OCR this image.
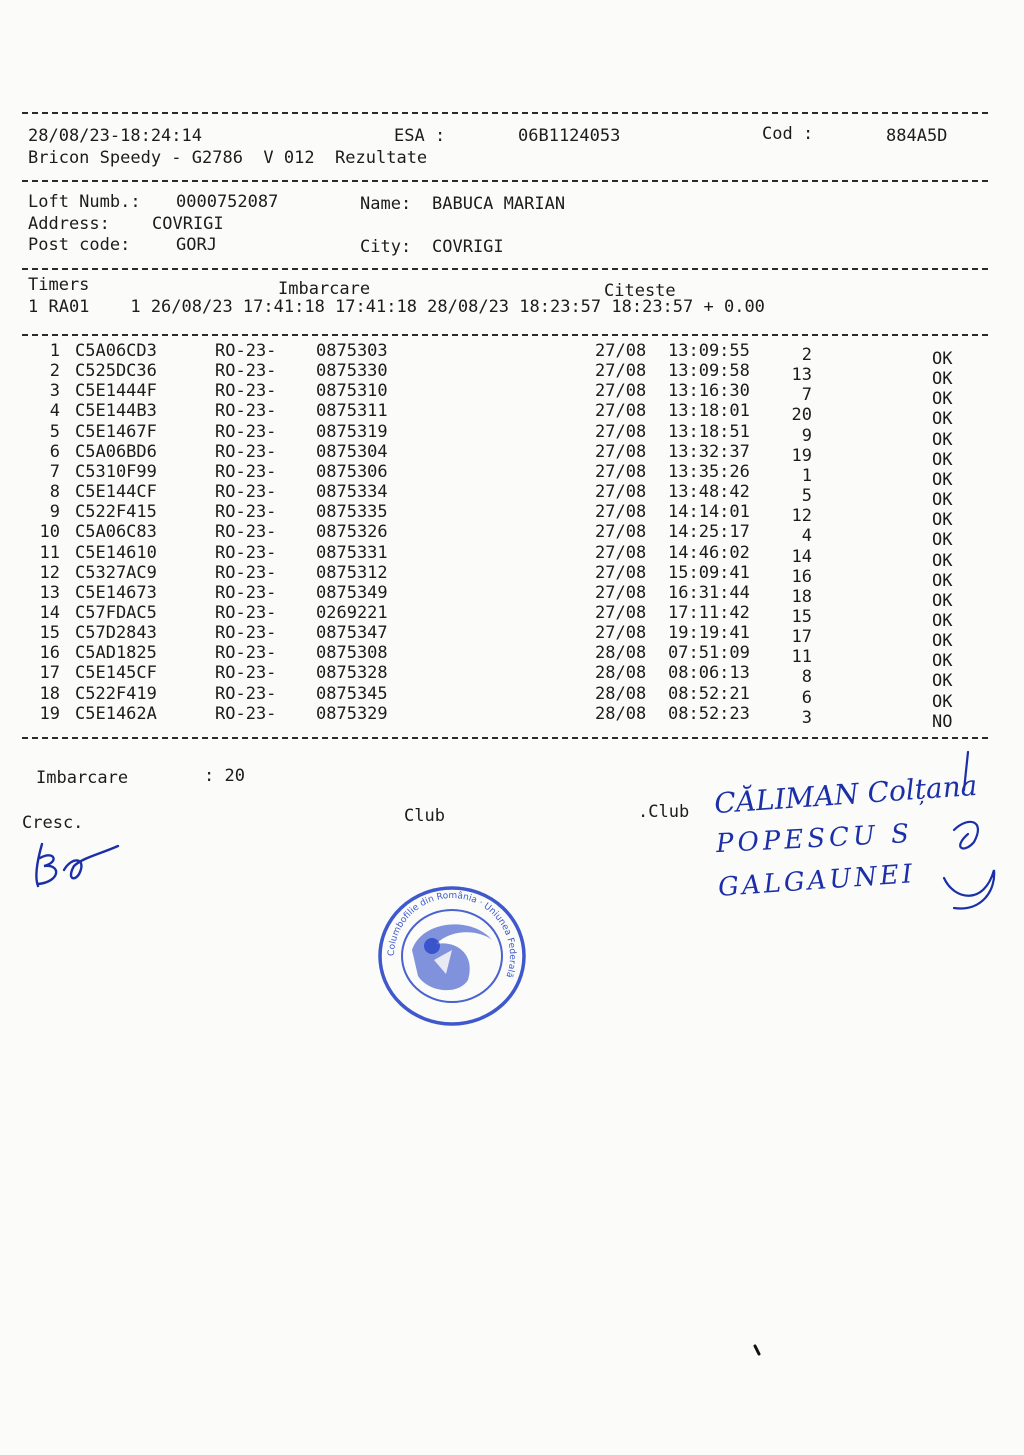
28/08/23-18:24:14	ESA :	06B1124053	Cod :	884A5D
Bricon Speedy - G2786  V 012  Rezultate
Loft Numb.: 0000752087	Name: BABUCA MARIAN
Address: COVRIGI
Post code:	GORJ	City: COVRIGI
Timers	Imbarcare	Citeste
1 RA01    1 26/08/23 17:41:18 17:41:18 28/08/23 18:23:57 18:23:57 + 0.00
1 C5A06CD3	RO-23- 0875303	27/08 13:09:55	2	OK
2 C525DC36	RO-23- 0875330	27/08 13:09:58	13	OK
3 C5E1444F	RO-23- 0875310	27/08 13:16:30	7	OK
4 C5E144B3	RO-23- 0875311	27/08 13:18:01	20	OK
5 C5E1467F	RO-23- 0875319	27/08 13:18:51	9	OK
6 C5A06BD6	RO-23- 0875304	27/08 13:32:37	19	OK
7 C5310F99	RO-23- 0875306	27/08 13:35:26	1	OK
8 C5E144CF	RO-23- 0875334	27/08 13:48:42	5	OK
9 C522F415	RO-23- 0875335	27/08 14:14:01	12	OK
10 C5A06C83	RO-23- 0875326	27/08 14:25:17	4	OK
11 C5E14610	RO-23- 0875331	27/08 14:46:02	14	OK
12 C5327AC9	RO-23- 0875312	27/08 15:09:41	16	OK
13 C5E14673	RO-23- 0875349	27/08 16:31:44	18	OK
14 C57FDAC5	RO-23- 0269221	27/08 17:11:42	15	OK
15 C57D2843	RO-23- 0875347	27/08 19:19:41	17	OK
16 C5AD1825	RO-23- 0875308	28/08 07:51:09	11	OK
17 C5E145CF	RO-23- 0875328	28/08 08:06:13	8	OK
18 C522F419	RO-23- 0875345	28/08 08:52:21	6	OK
19 C5E1462A	RO-23- 0875329	28/08 08:52:23	3	NO
Imbarcare	: 20
Cresc.	Club	.Club CĂLIMAN Colțana
POPESCU S
GALGAUNEI
Columbofilie din România · Uniunea Federală
